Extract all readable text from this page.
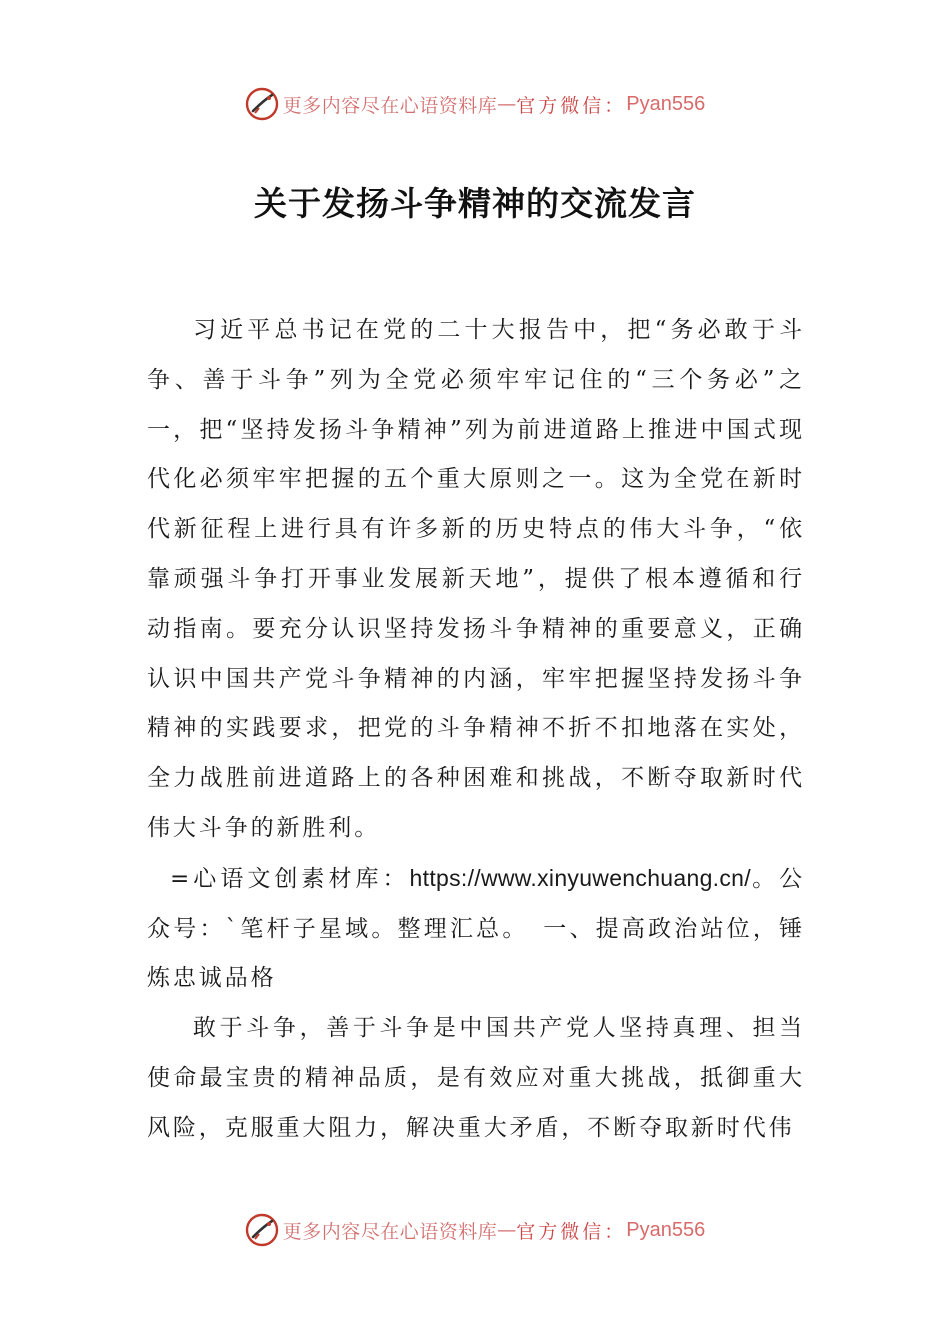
更多内容尽在心语资料库 — 官方微信： Pyan556
关于发扬斗争精神的交流发言

习近平总书记在党的二十大报告中，把“务必敢于斗争、善于斗争”列为全党必须牢牢记住的“三个务必”之一，把“坚持发扬斗争精神”列为前进道路上推进中国式现代化必须牢牢把握的五个重大原则之一。这为全党在新时代新征程上进行具有许多新的历史特点的伟大斗争，“依靠顽强斗争打开事业发展新天地”，提供了根本遵循和行动指南。要充分认识坚持发扬斗争精神的重要意义，正确认识中国共产党斗争精神的内涵，牢牢把握坚持发扬斗争精神的实践要求，把党的斗争精神不折不扣地落在实处，全力战胜前进道路上的各种困难和挑战，不断夺取新时代伟大斗争的新胜利。

=心语文创素材库：https://www.xinyuwenchuang.cn/。公众号：`笔杆子星域。整理汇总。　一、提高政治站位，锤炼忠诚品格

敢于斗争，善于斗争是中国共产党人坚持真理、担当使命最宝贵的精神品质，是有效应对重大挑战，抵御重大风险，克服重大阻力，解决重大矛盾，不断夺取新时代伟

更多内容尽在心语资料库 — 官方微信： Pyan556
